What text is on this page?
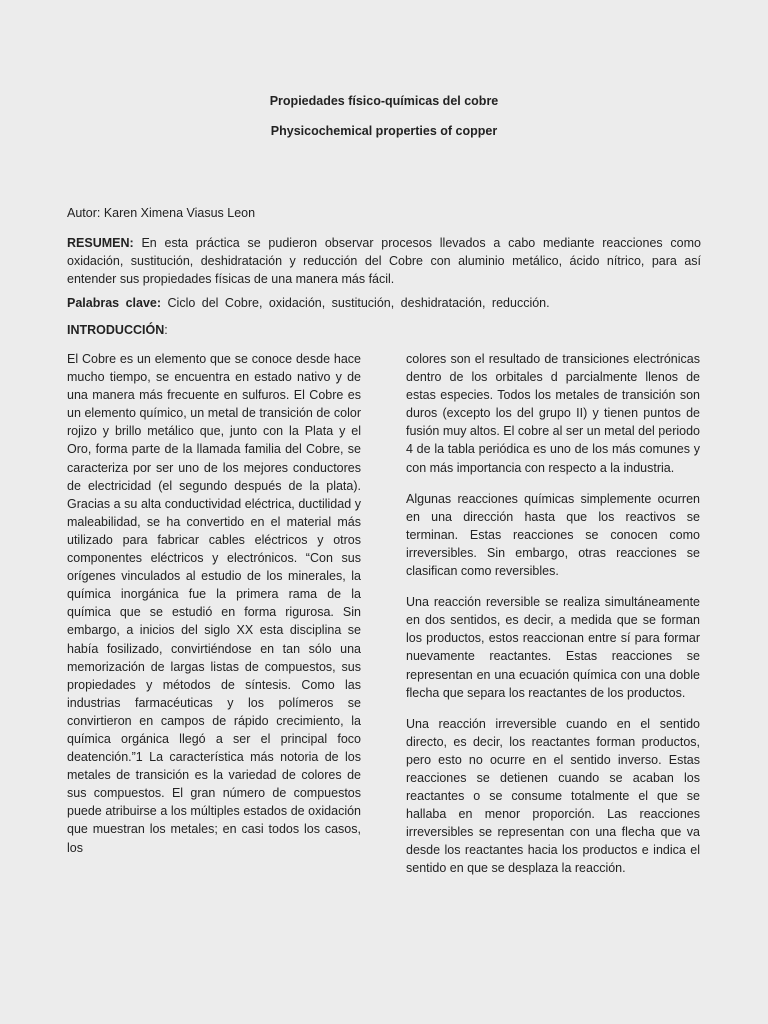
Propiedades físico-químicas del cobre
Physicochemical properties of copper
Autor: Karen Ximena Viasus Leon
RESUMEN: En esta práctica se pudieron observar procesos llevados a cabo mediante reacciones como oxidación, sustitución, deshidratación y reducción del Cobre con aluminio metálico, ácido nítrico, para así entender sus propiedades físicas de una manera más fácil.
Palabras clave: Ciclo del Cobre, oxidación, sustitución, deshidratación, reducción.
INTRODUCCIÓN:

El Cobre es un elemento que se conoce desde hace mucho tiempo, se encuentra en estado nativo y de una manera más frecuente en sulfuros. El Cobre es un elemento químico, un metal de transición de color rojizo y brillo metálico que, junto con la Plata y el Oro, forma parte de la llamada familia del Cobre, se caracteriza por ser uno de los mejores conductores de electricidad (el segundo después de la plata). Gracias a su alta conductividad eléctrica, ductilidad y maleabilidad, se ha convertido en el material más utilizado para fabricar cables eléctricos y otros componentes eléctricos y electrónicos. “Con sus orígenes vinculados al estudio de los minerales, la química inorgánica fue la primera rama de la química que se estudió en forma rigurosa. Sin embargo, a inicios del siglo XX esta disciplina se había fosilizado, convirtiéndose en tan sólo una memorización de largas listas de compuestos, sus propiedades y métodos de síntesis. Como las industrias farmacéuticas y los polímeros se convirtieron en campos de rápido crecimiento, la química orgánica llegó a ser el principal foco deatención.”1 La característica más notoria de los metales de transición es la variedad de colores de sus compuestos. El gran número de compuestos puede atribuirse a los múltiples estados de oxidación que muestran los metales; en casi todos los casos, los

colores son el resultado de transiciones electrónicas dentro de los orbitales d parcialmente llenos de estas especies. Todos los metales de transición son duros (excepto los del grupo II) y tienen puntos de fusión muy altos. El cobre al ser un metal del periodo 4 de la tabla periódica es uno de los más comunes y con más importancia con respecto a la industria.

Algunas reacciones químicas simplemente ocurren en una dirección hasta que los reactivos se terminan. Estas reacciones se conocen como irreversibles. Sin embargo, otras reacciones se clasifican como reversibles.

Una reacción reversible se realiza simultáneamente en dos sentidos, es decir, a medida que se forman los productos, estos reaccionan entre sí para formar nuevamente reactantes. Estas reacciones se representan en una ecuación química con una doble flecha que separa los reactantes de los productos.

Una reacción irreversible cuando en el sentido directo, es decir, los reactantes forman productos, pero esto no ocurre en el sentido inverso. Estas reacciones se detienen cuando se acaban los reactantes o se consume totalmente el que se hallaba en menor proporción. Las reacciones irreversibles se representan con una flecha que va desde los reactantes hacia los productos e indica el sentido en que se desplaza la reacción.
